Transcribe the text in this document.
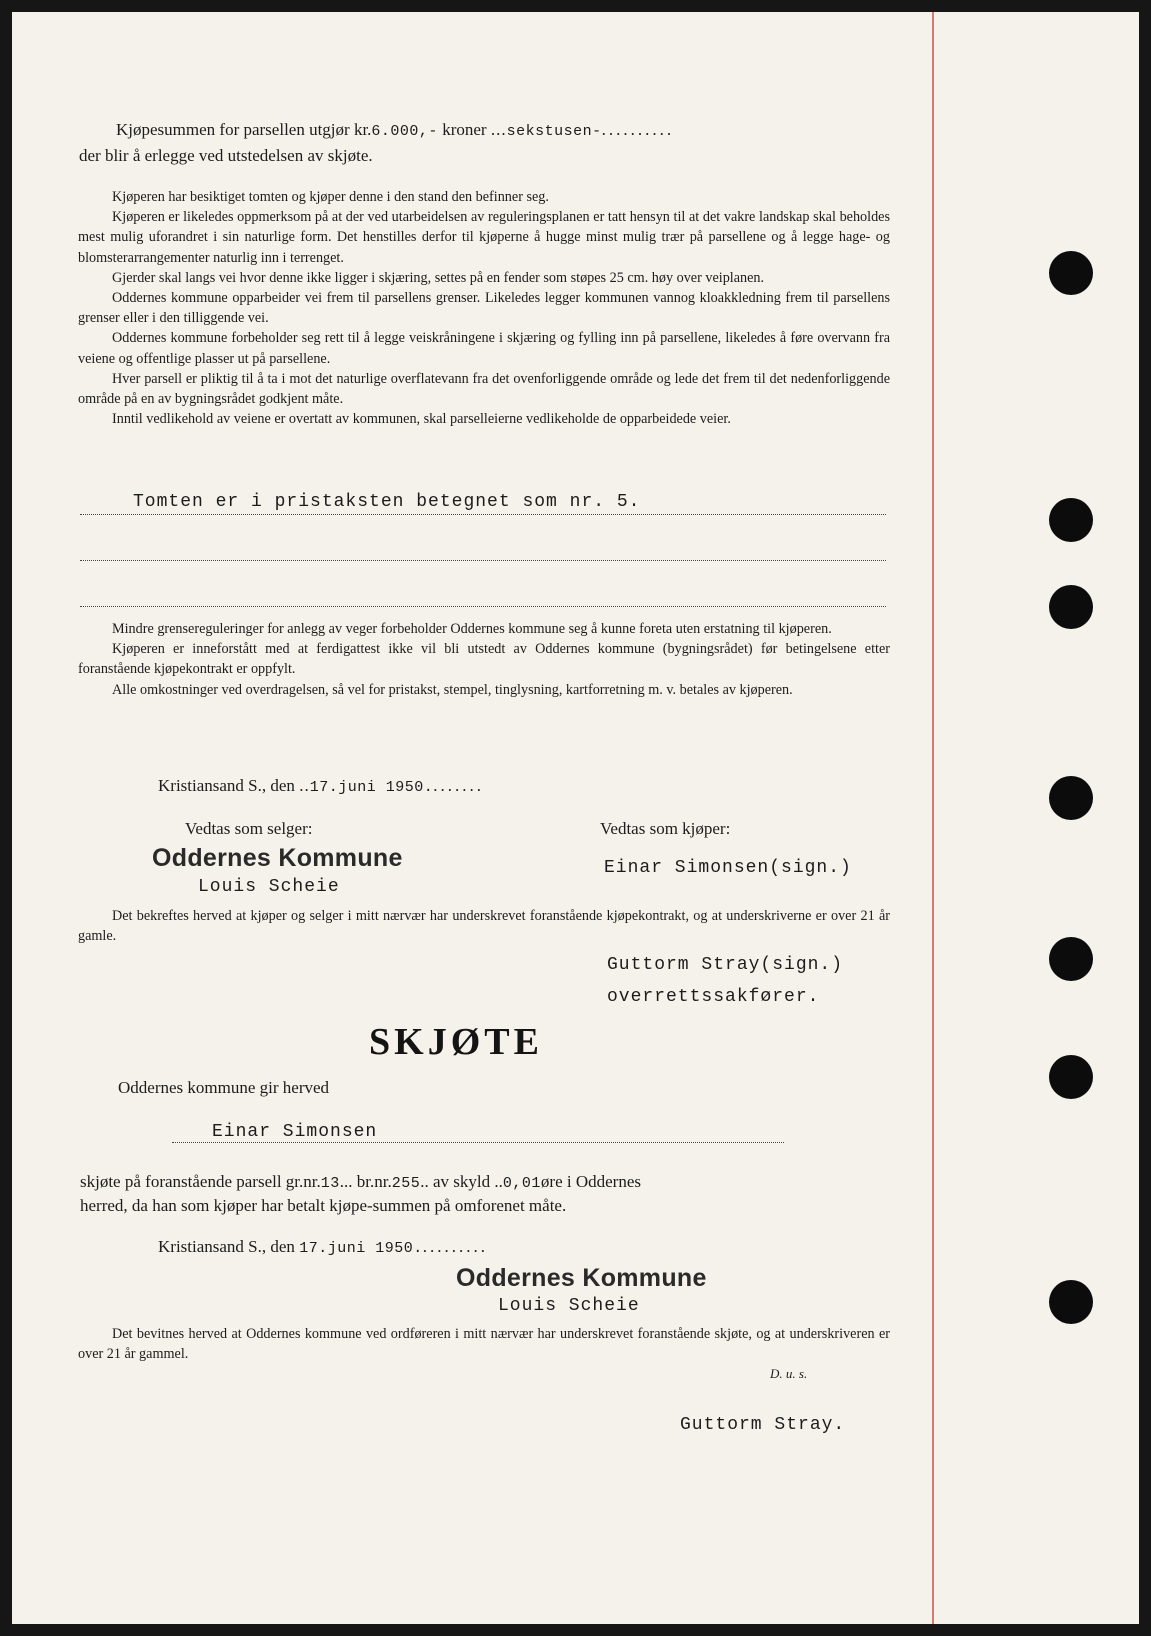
Kjøpesummen for parsellen utgjør kr.6.000,- kroner ...sekstusen-..........
der blir å erlegge ved utstedelsen av skjøte.

Kjøperen har besiktiget tomten og kjøper denne i den stand den befinner seg.

Kjøperen er likeledes oppmerksom på at der ved utarbeidelsen av reguleringsplanen er tatt hensyn til at det vakre landskap skal beholdes mest mulig uforandret i sin naturlige form. Det henstilles derfor til kjøperne å hugge minst mulig trær på parsellene og å legge hage- og blomsterarrangementer naturlig inn i terrenget.

Gjerder skal langs vei hvor denne ikke ligger i skjæring, settes på en fender som støpes 25 cm. høy over veiplanen.

Oddernes kommune opparbeider vei frem til parsellens grenser. Likeledes legger kommunen vannog kloakkledning frem til parsellens grenser eller i den tilliggende vei.

Oddernes kommune forbeholder seg rett til å legge veiskråningene i skjæring og fylling inn på parsellene, likeledes å føre overvann fra veiene og offentlige plasser ut på parsellene.

Hver parsell er pliktig til å ta i mot det naturlige overflatevann fra det ovenforliggende område og lede det frem til det nedenforliggende område på en av bygningsrådet godkjent måte.

Inntil vedlikehold av veiene er overtatt av kommunen, skal parselleierne vedlikeholde de opparbeidede veier.

Tomten er i pristaksten betegnet som nr. 5.

Mindre grensereguleringer for anlegg av veger forbeholder Oddernes kommune seg å kunne foreta uten erstatning til kjøperen.

Kjøperen er inneforstått med at ferdigattest ikke vil bli utstedt av Oddernes kommune (bygningsrådet) før betingelsene etter foranstående kjøpekontrakt er oppfylt.

Alle omkostninger ved overdragelsen, så vel for pristakst, stempel, tinglysning, kartforretning m. v. betales av kjøperen.

Kristiansand S., den ..17.juni 1950........
Vedtas som selger:	Vedtas som kjøper:
Oddernes Kommune
Louis Scheie
Einar Simonsen(sign.)

Det bekreftes herved at kjøper og selger i mitt nærvær har underskrevet foranstående kjøpekontrakt, og at underskriverne er over 21 år gamle.

Guttorm Stray(sign.)
overrettssakfører.
SKJØTE
Oddernes kommune gir herved
Einar Simonsen
skjøte på foranstående parsell gr.nr.13... br.nr.255.. av skyld ..0,01øre i Oddernes
herred, da han som kjøper har betalt kjøpe-summen på omforenet måte.
Kristiansand S., den 17.juni 1950..........
Oddernes Kommune
Louis Scheie

Det bevitnes herved at Oddernes kommune ved ordføreren i mitt nærvær har underskrevet foranstående skjøte, og at underskriveren er over 21 år gammel.

D. u. s.
Guttorm Stray.
